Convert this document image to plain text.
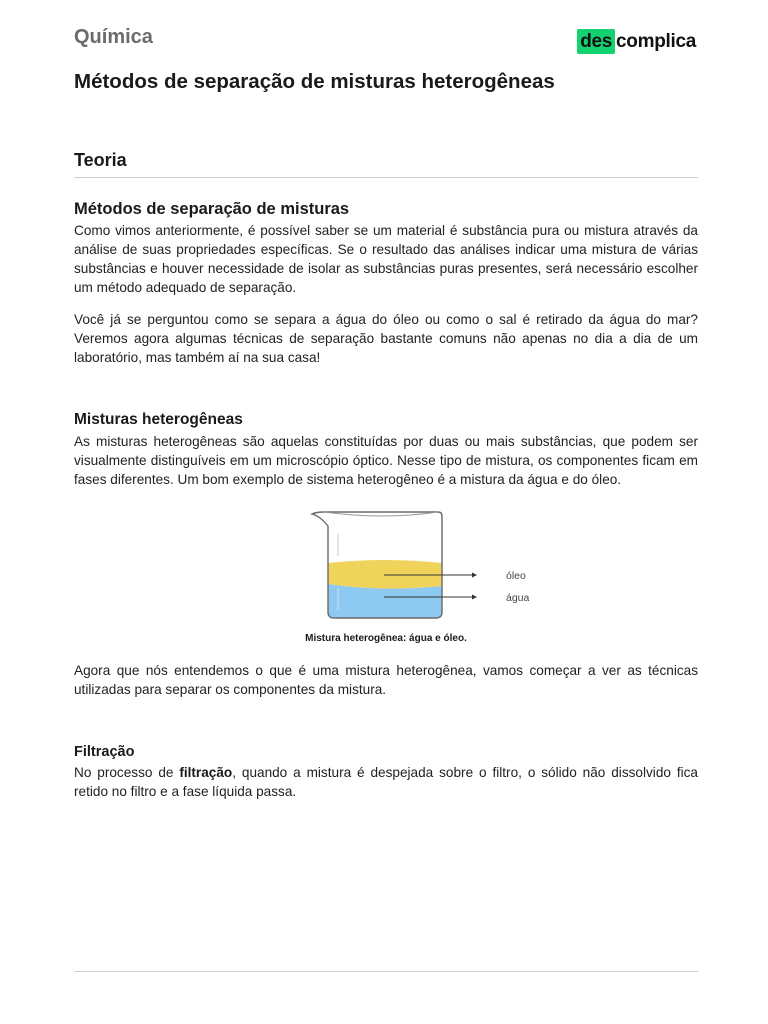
Química	des complica
Métodos de separação de misturas heterogêneas
Teoria
Métodos de separação de misturas

Como vimos anteriormente, é possível saber se um material é substância pura ou mistura através da análise de suas propriedades específicas. Se o resultado das análises indicar uma mistura de várias substâncias e houver necessidade de isolar as substâncias puras presentes, será necessário escolher um método adequado de separação.

Você já se perguntou como se separa a água do óleo ou como o sal é retirado da água do mar? Veremos agora algumas técnicas de separação bastante comuns não apenas no dia a dia de um laboratório, mas também aí na sua casa!

Misturas heterogêneas

As misturas heterogêneas são aquelas constituídas por duas ou mais substâncias, que podem ser visualmente distinguíveis em um microscópio óptico. Nesse tipo de mistura, os componentes ficam em fases diferentes. Um bom exemplo de sistema heterogêneo é a mistura da água e do óleo.

óleo
água
Mistura heterogênea: água e óleo.

Agora que nós entendemos o que é uma mistura heterogênea, vamos começar a ver as técnicas utilizadas para separar os componentes da mistura.

Filtração

No processo de filtração, quando a mistura é despejada sobre o filtro, o sólido não dissolvido fica retido no filtro e a fase líquida passa.
